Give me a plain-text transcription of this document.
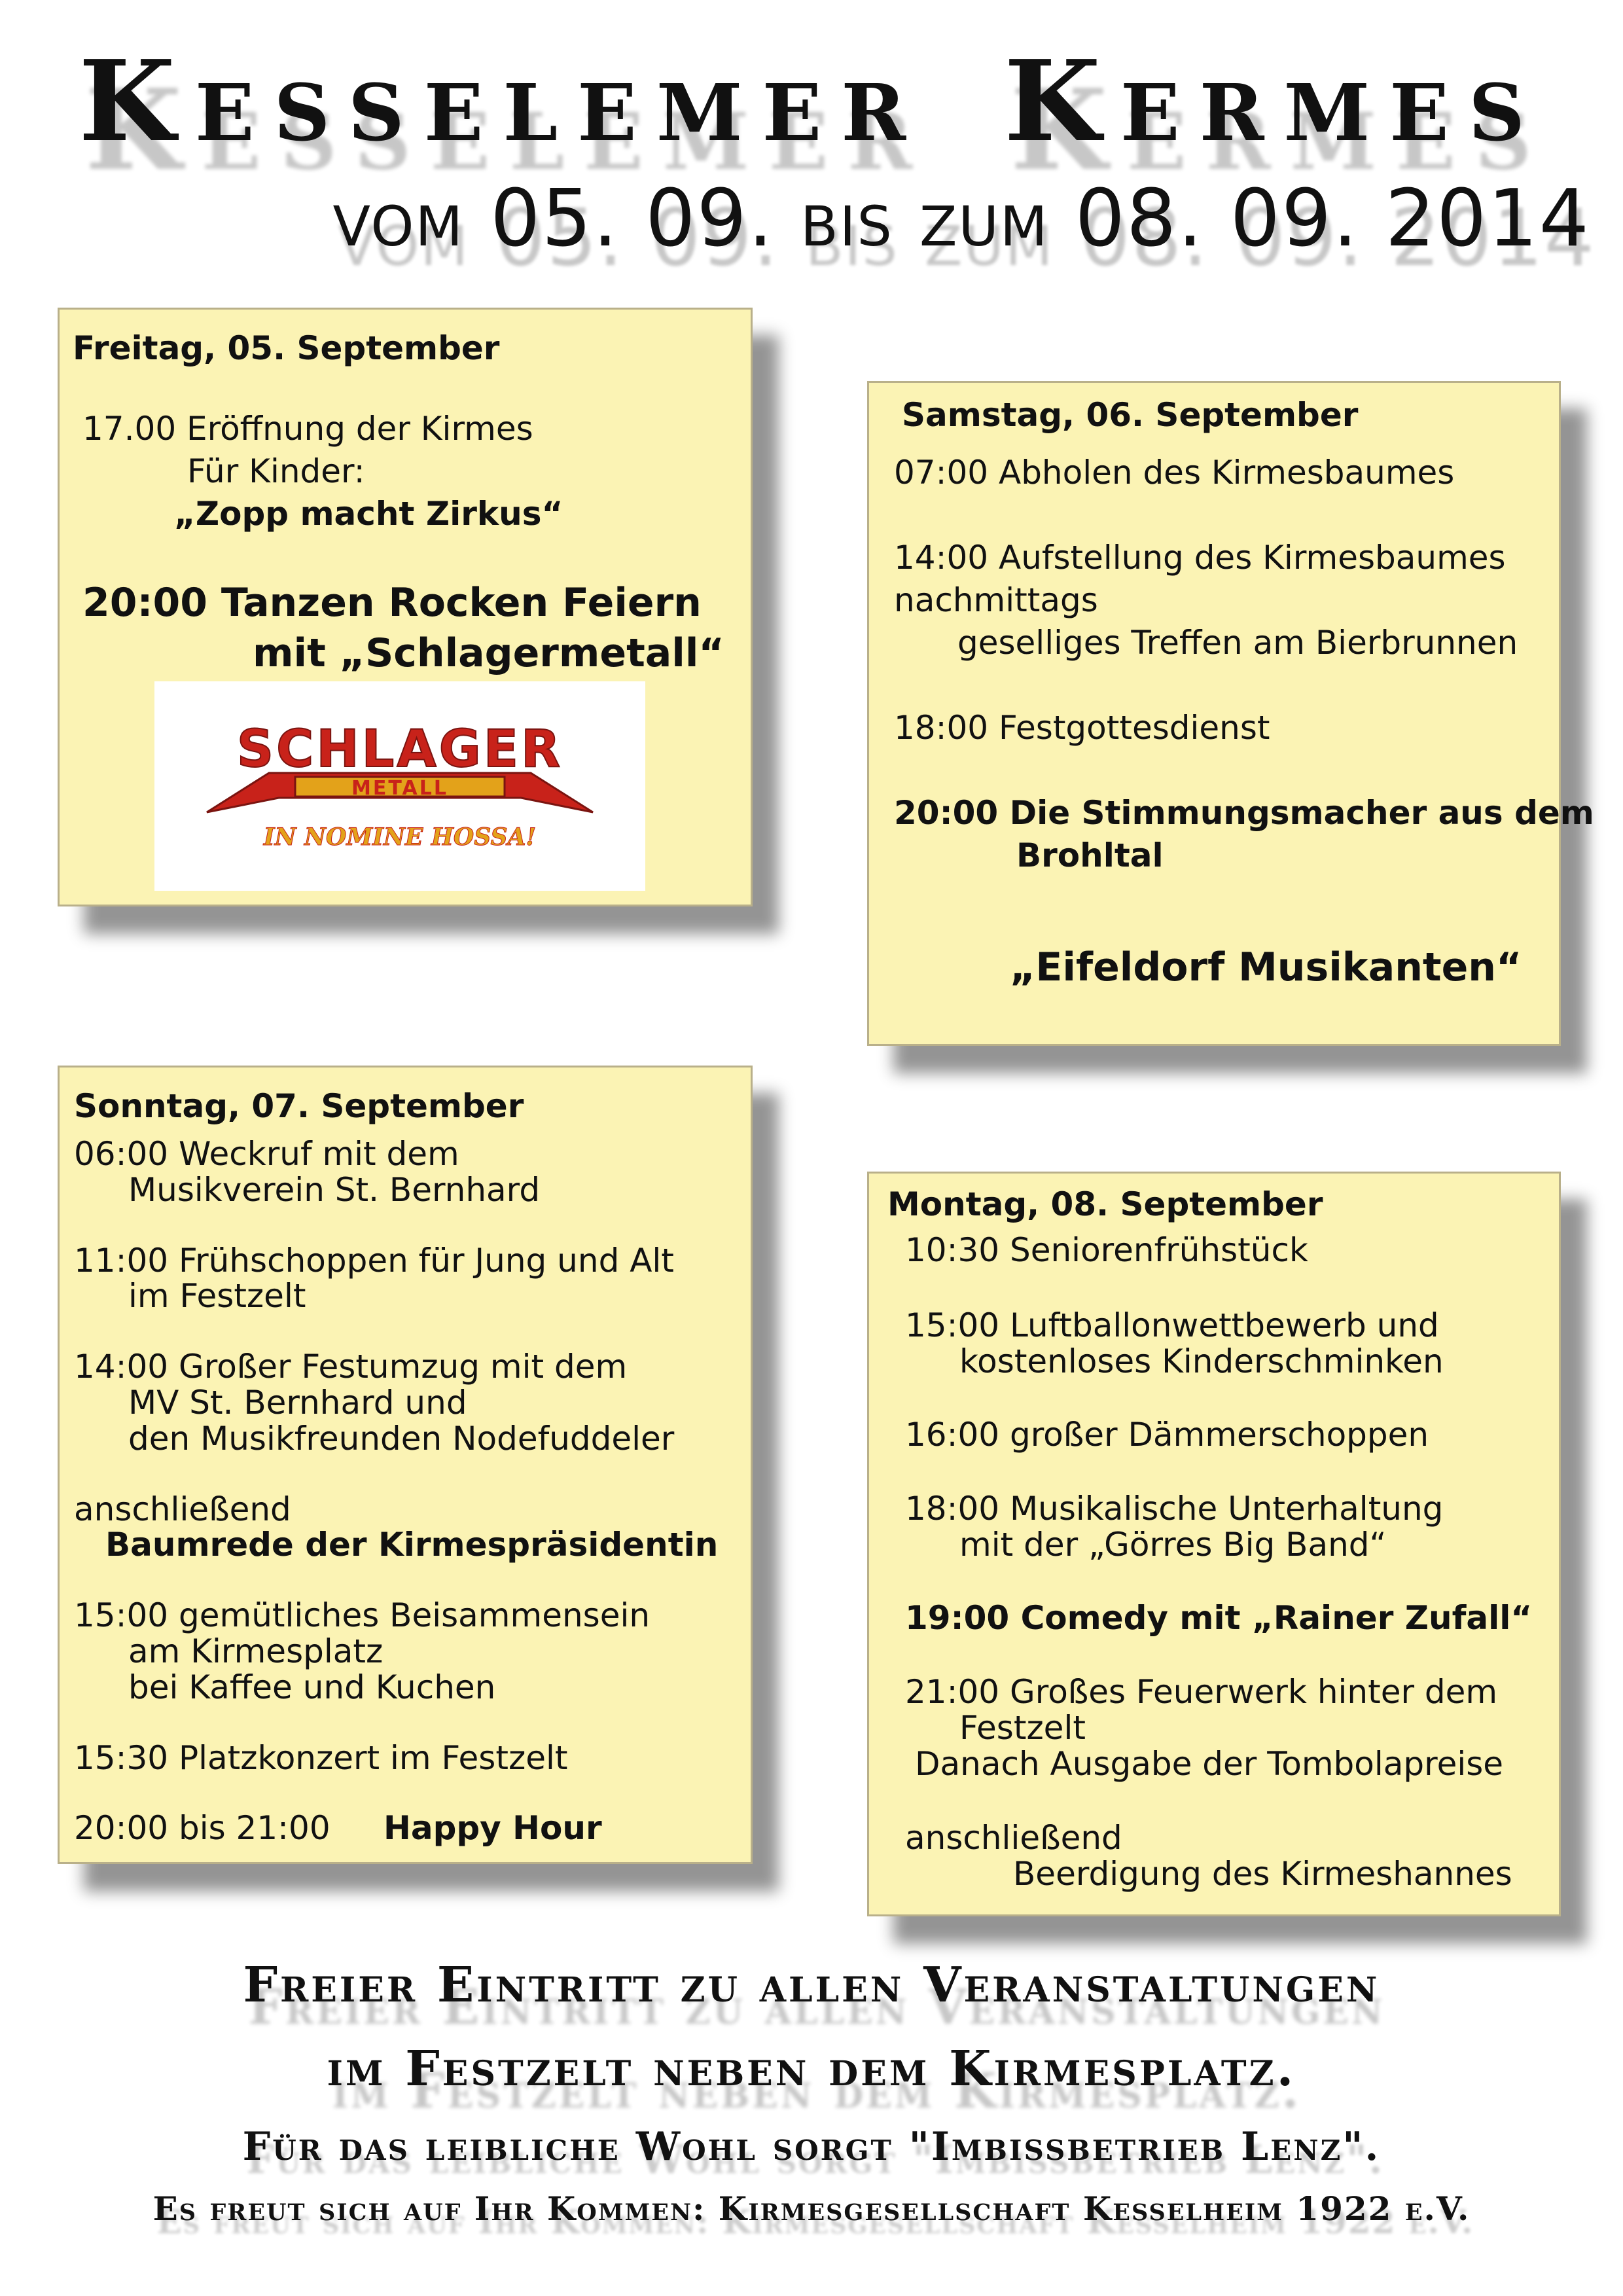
Kesselemer Kermes
vom 05. 09. bis zum 08. 09. 2014
Freitag, 05. September
17.00 Eröffnung der Kirmes
Für Kinder:
„Zopp macht Zirkus“
20:00 Tanzen Rocken Feiern
mit „Schlagermetall“
SCHLAGER
METALL
IN NOMINE HOSSA!
Samstag, 06. September
07:00 Abholen des Kirmesbaumes
14:00 Aufstellung des Kirmesbaumes
nachmittags
geselliges Treffen am Bierbrunnen
18:00 Festgottesdienst
20:00 Die Stimmungsmacher aus dem
Brohltal
„Eifeldorf Musikanten“
Sonntag, 07. September
06:00 Weckruf mit dem
Musikverein St. Bernhard
11:00 Frühschoppen für Jung und Alt
im Festzelt
14:00 Großer Festumzug mit dem
MV St. Bernhard und
den Musikfreunden Nodefuddeler
anschließend
Baumrede der Kirmespräsidentin
15:00 gemütliches Beisammensein
am Kirmesplatz
bei Kaffee und Kuchen
15:30 Platzkonzert im Festzelt
20:00 bis 21:00 Happy Hour
Montag, 08. September
10:30 Seniorenfrühstück
15:00 Luftballonwettbewerb und
kostenloses Kinderschminken
16:00 großer Dämmerschoppen
18:00 Musikalische Unterhaltung
mit der „Görres Big Band“
19:00 Comedy mit „Rainer Zufall“
21:00 Großes Feuerwerk hinter dem
Festzelt
Danach Ausgabe der Tombolapreise
anschließend
Beerdigung des Kirmeshannes
Freier Eintritt zu allen Veranstaltungen
im Festzelt neben dem Kirmesplatz.
Für das leibliche Wohl sorgt "Imbissbetrieb Lenz".
Es freut sich auf Ihr Kommen: Kirmesgesellschaft Kesselheim 1922 e.V.
